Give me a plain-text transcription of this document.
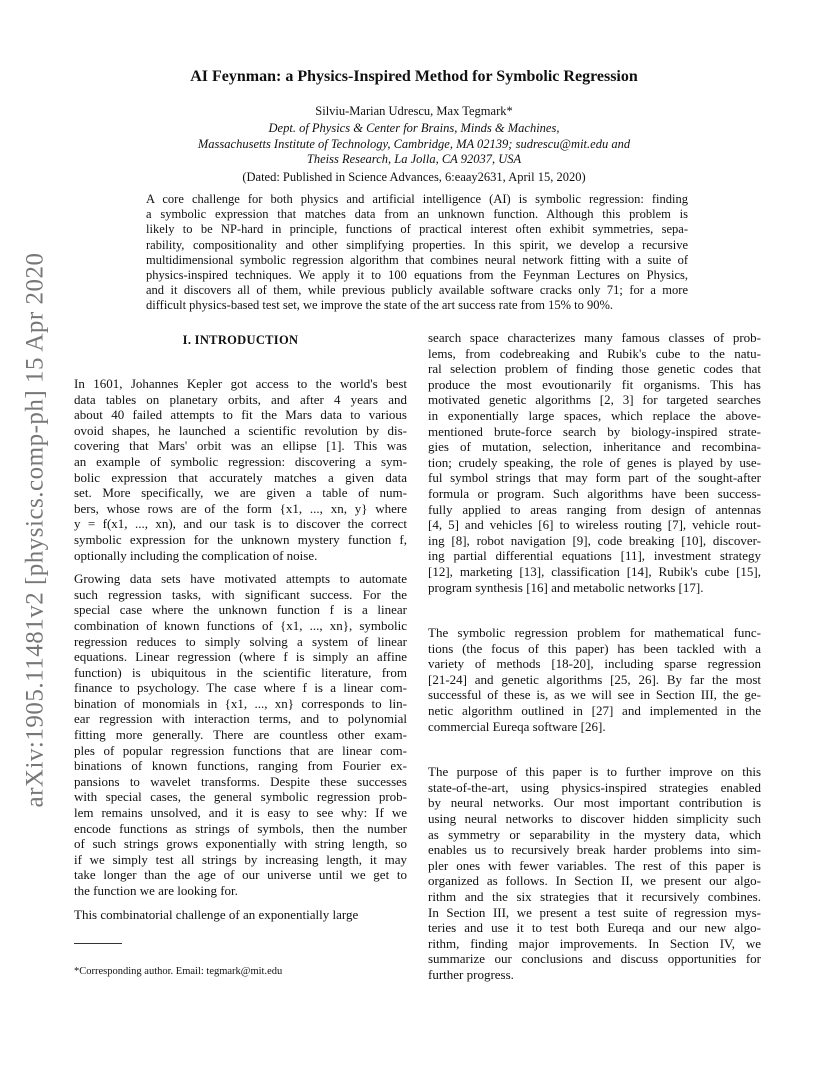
arXiv:1905.11481v2 [physics.comp-ph] 15 Apr 2020
AI Feynman: a Physics-Inspired Method for Symbolic Regression
Silviu-Marian Udrescu, Max Tegmark*
Dept. of Physics & Center for Brains, Minds & Machines,
Massachusetts Institute of Technology, Cambridge, MA 02139; sudrescu@mit.edu and
Theiss Research, La Jolla, CA 92037, USA
(Dated: Published in Science Advances, 6:eaay2631, April 15, 2020)
A core challenge for both physics and artificial intelligence (AI) is symbolic regression: finding
a symbolic expression that matches data from an unknown function. Although this problem is
likely to be NP-hard in principle, functions of practical interest often exhibit symmetries, sepa-
rability, compositionality and other simplifying properties. In this spirit, we develop a recursive
multidimensional symbolic regression algorithm that combines neural network fitting with a suite of
physics-inspired techniques. We apply it to 100 equations from the Feynman Lectures on Physics,
and it discovers all of them, while previous publicly available software cracks only 71; for a more
difficult physics-based test set, we improve the state of the art success rate from 15% to 90%.
I. INTRODUCTION
In 1601, Johannes Kepler got access to the world's best
data tables on planetary orbits, and after 4 years and
about 40 failed attempts to fit the Mars data to various
ovoid shapes, he launched a scientific revolution by dis-
covering that Mars' orbit was an ellipse [1]. This was
an example of symbolic regression: discovering a sym-
bolic expression that accurately matches a given data
set. More specifically, we are given a table of num-
bers, whose rows are of the form {x1, ..., xn, y} where
y = f(x1, ..., xn), and our task is to discover the correct
symbolic expression for the unknown mystery function f,
optionally including the complication of noise.
Growing data sets have motivated attempts to automate
such regression tasks, with significant success. For the
special case where the unknown function f is a linear
combination of known functions of {x1, ..., xn}, symbolic
regression reduces to simply solving a system of linear
equations. Linear regression (where f is simply an affine
function) is ubiquitous in the scientific literature, from
finance to psychology. The case where f is a linear com-
bination of monomials in {x1, ..., xn} corresponds to lin-
ear regression with interaction terms, and to polynomial
fitting more generally. There are countless other exam-
ples of popular regression functions that are linear com-
binations of known functions, ranging from Fourier ex-
pansions to wavelet transforms. Despite these successes
with special cases, the general symbolic regression prob-
lem remains unsolved, and it is easy to see why: If we
encode functions as strings of symbols, then the number
of such strings grows exponentially with string length, so
if we simply test all strings by increasing length, it may
take longer than the age of our universe until we get to
the function we are looking for.
This combinatorial challenge of an exponentially large
search space characterizes many famous classes of prob-
lems, from codebreaking and Rubik's cube to the natu-
ral selection problem of finding those genetic codes that
produce the most evoutionarily fit organisms. This has
motivated genetic algorithms [2, 3] for targeted searches
in exponentially large spaces, which replace the above-
mentioned brute-force search by biology-inspired strate-
gies of mutation, selection, inheritance and recombina-
tion; crudely speaking, the role of genes is played by use-
ful symbol strings that may form part of the sought-after
formula or program. Such algorithms have been success-
fully applied to areas ranging from design of antennas
[4, 5] and vehicles [6] to wireless routing [7], vehicle rout-
ing [8], robot navigation [9], code breaking [10], discover-
ing partial differential equations [11], investment strategy
[12], marketing [13], classification [14], Rubik's cube [15],
program synthesis [16] and metabolic networks [17].
The symbolic regression problem for mathematical func-
tions (the focus of this paper) has been tackled with a
variety of methods [18-20], including sparse regression
[21-24] and genetic algorithms [25, 26]. By far the most
successful of these is, as we will see in Section III, the ge-
netic algorithm outlined in [27] and implemented in the
commercial Eureqa software [26].
The purpose of this paper is to further improve on this
state-of-the-art, using physics-inspired strategies enabled
by neural networks. Our most important contribution is
using neural networks to discover hidden simplicity such
as symmetry or separability in the mystery data, which
enables us to recursively break harder problems into sim-
pler ones with fewer variables. The rest of this paper is
organized as follows. In Section II, we present our algo-
rithm and the six strategies that it recursively combines.
In Section III, we present a test suite of regression mys-
teries and use it to test both Eureqa and our new algo-
rithm, finding major improvements. In Section IV, we
summarize our conclusions and discuss opportunities for
further progress.
*Corresponding author. Email: tegmark@mit.edu
